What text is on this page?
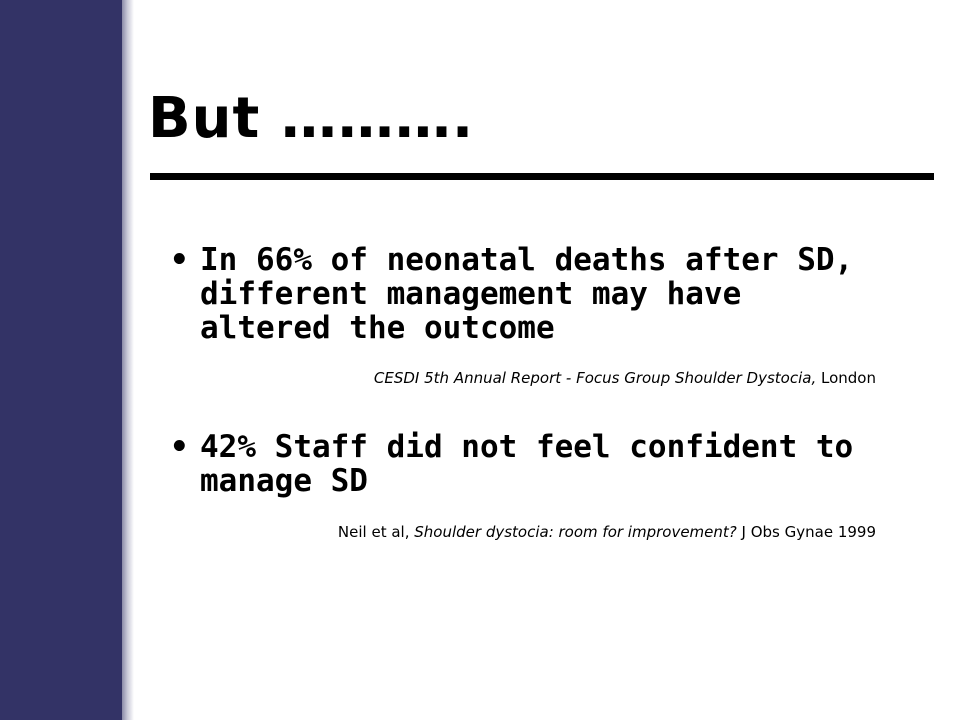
But ……….
• In 66% of neonatal deaths after SD, different management may have altered the outcome
CESDI 5th Annual Report - Focus Group Shoulder Dystocia, London
• 42% Staff did not feel confident to manage SD
Neil et al, Shoulder dystocia: room for improvement? J Obs Gynae 1999
